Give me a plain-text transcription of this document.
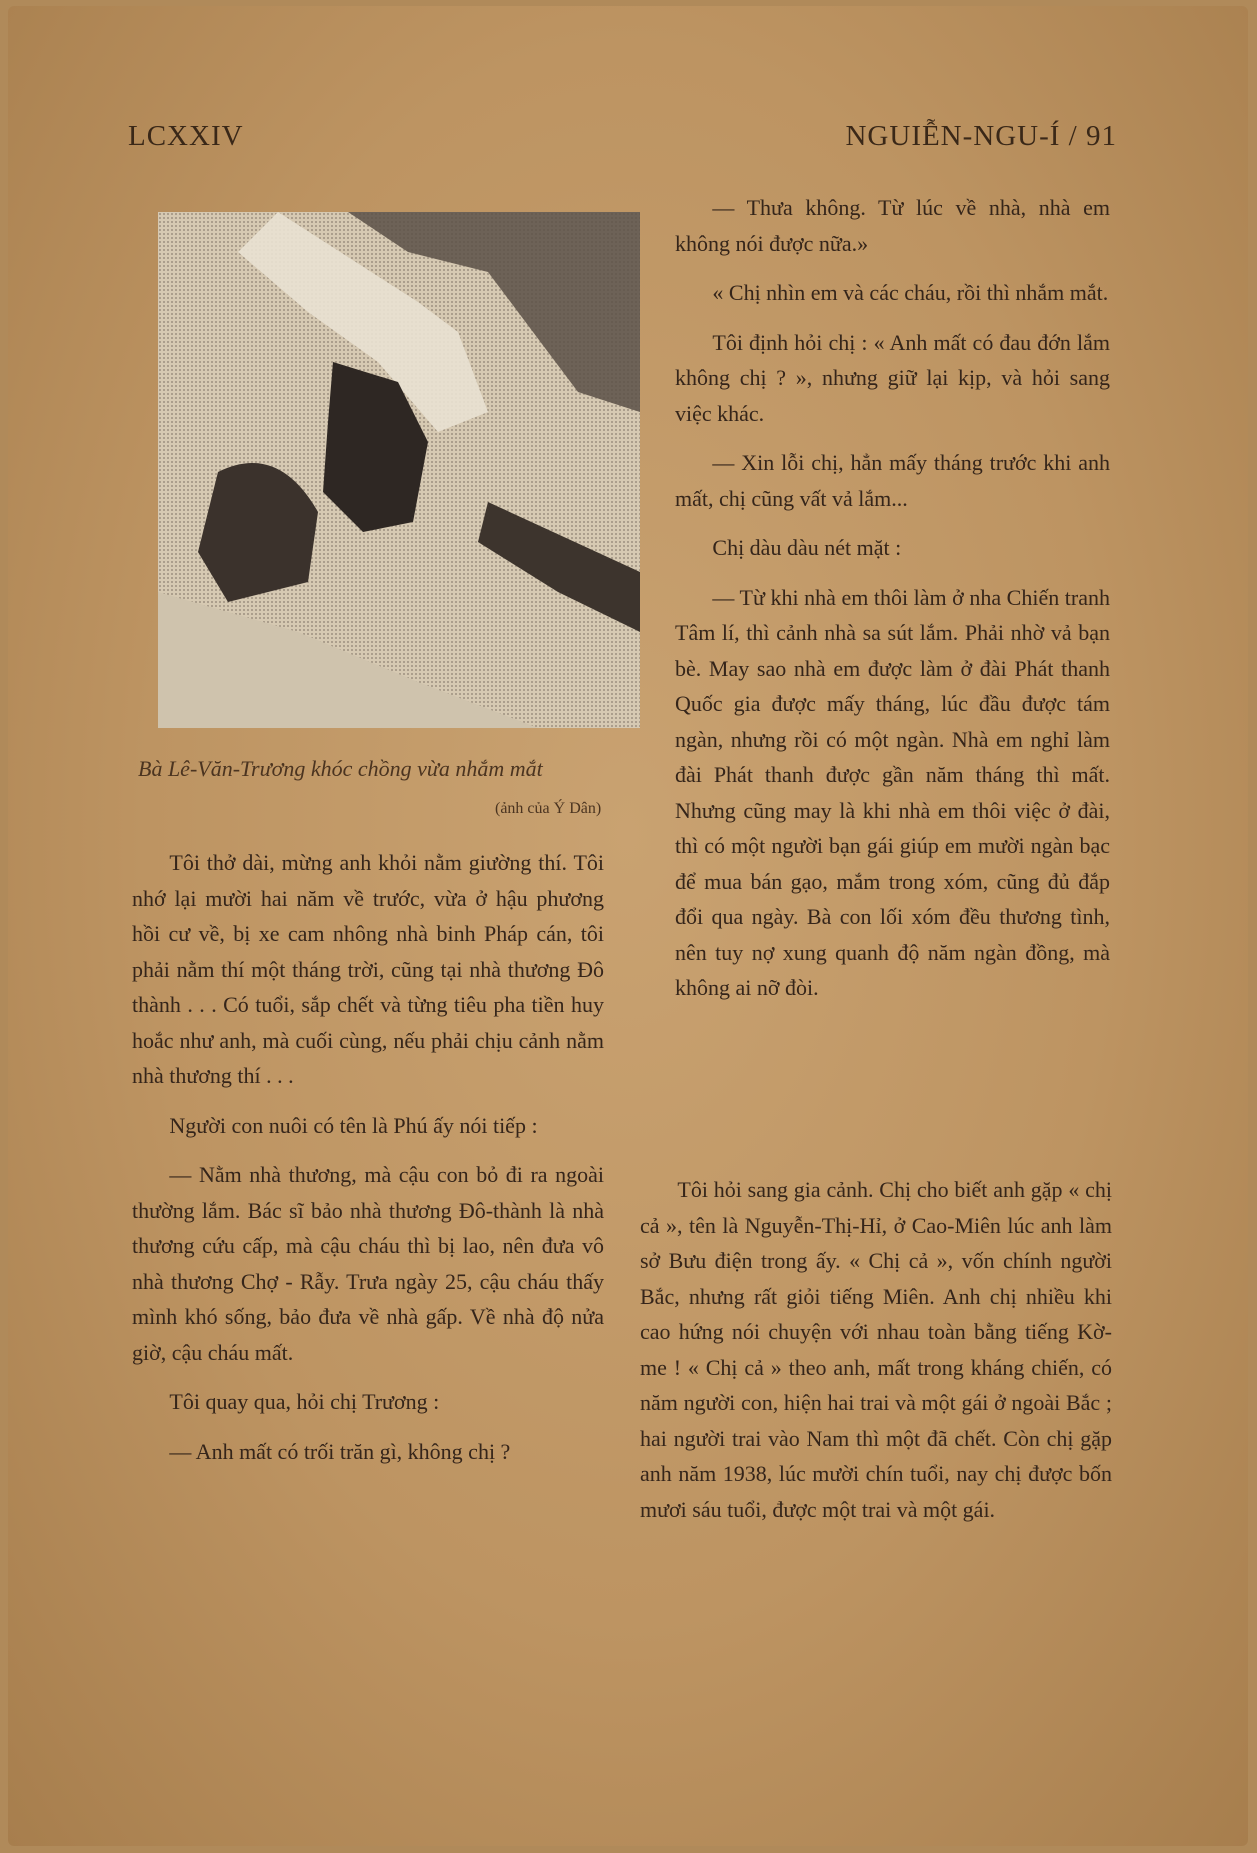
LCXXIV	NGUIỄN-NGU-Í / 91
Bà Lê-Văn-Trương khóc chồng vừa nhắm mắt
(ảnh của Ý Dân)

— Thưa không. Từ lúc về nhà, nhà em không nói được nữa.»

« Chị nhìn em và các cháu, rồi thì nhắm mắt.

Tôi định hỏi chị : « Anh mất có đau đớn lắm không chị ? », nhưng giữ lại kịp, và hỏi sang việc khác.

— Xin lỗi chị, hẳn mấy tháng trước khi anh mất, chị cũng vất vả lắm...

Chị dàu dàu nét mặt :

— Từ khi nhà em thôi làm ở nha Chiến tranh Tâm lí, thì cảnh nhà sa sút lắm. Phải nhờ vả bạn bè. May sao nhà em được làm ở đài Phát thanh Quốc gia được mấy tháng, lúc đầu được tám ngàn, nhưng rồi có một ngàn. Nhà em nghỉ làm đài Phát thanh được gần năm tháng thì mất. Nhưng cũng may là khi nhà em thôi việc ở đài, thì có một người bạn gái giúp em mười ngàn bạc để mua bán gạo, mắm trong xóm, cũng đủ đắp đổi qua ngày. Bà con lối xóm đều thương tình, nên tuy nợ xung quanh độ năm ngàn đồng, mà không ai nỡ đòi.

Tôi thở dài, mừng anh khỏi nằm giường thí. Tôi nhớ lại mười hai năm về trước, vừa ở hậu phương hồi cư về, bị xe cam nhông nhà binh Pháp cán, tôi phải nằm thí một tháng trời, cũng tại nhà thương Đô thành . . . Có tuổi, sắp chết và từng tiêu pha tiền huy hoắc như anh, mà cuối cùng, nếu phải chịu cảnh nằm nhà thương thí . . .

Người con nuôi có tên là Phú ấy nói tiếp :

— Nằm nhà thương, mà cậu con bỏ đi ra ngoài thường lắm. Bác sĩ bảo nhà thương Đô-thành là nhà thương cứu cấp, mà cậu cháu thì bị lao, nên đưa vô nhà thương Chợ - Rẫy. Trưa ngày 25, cậu cháu thấy mình khó sống, bảo đưa về nhà gấp. Về nhà độ nửa giờ, cậu cháu mất.

Tôi quay qua, hỏi chị Trương :

— Anh mất có trối trăn gì, không chị ?

Tôi hỏi sang gia cảnh. Chị cho biết anh gặp « chị cả », tên là Nguyễn-Thị-Hỉ, ở Cao-Miên lúc anh làm sở Bưu điện trong ấy. « Chị cả », vốn chính người Bắc, nhưng rất giỏi tiếng Miên. Anh chị nhiều khi cao hứng nói chuyện với nhau toàn bằng tiếng Kờ-me ! « Chị cả » theo anh, mất trong kháng chiến, có năm người con, hiện hai trai và một gái ở ngoài Bắc ; hai người trai vào Nam thì một đã chết. Còn chị gặp anh năm 1938, lúc mười chín tuổi, nay chị được bốn mươi sáu tuổi, được một trai và một gái.
